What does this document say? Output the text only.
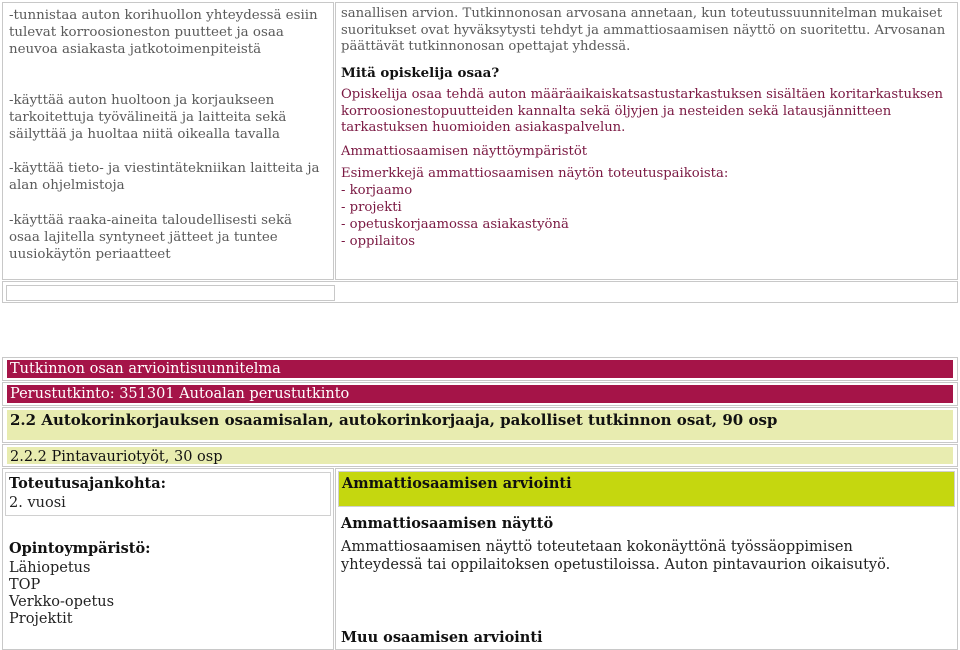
-tunnistaa auton korihuollon yhteydessä esiin tulevat korroosioneston puutteet ja osaa neuvoa asiakasta jatkotoimenpiteistä

-käyttää auton huoltoon ja korjaukseen tarkoitettuja työvälineitä ja laitteita sekä säilyttää ja huoltaa niitä oikealla tavalla

-käyttää tieto- ja viestintätekniikan laitteita ja alan ohjelmistoja

-käyttää raaka-aineita taloudellisesti sekä osaa lajitella syntyneet jätteet ja tuntee uusiokäytön periaatteet

sanallisen arvion. Tutkinnonosan arvosana annetaan, kun toteutussuunnitelman mukaiset suoritukset ovat hyväksytysti tehdyt ja ammattiosaamisen näyttö on suoritettu. Arvosanan päättävät tutkinnonosan opettajat yhdessä.

Mitä opiskelija osaa?

Opiskelija osaa tehdä auton määräaikaiskatsastustarkastuksen sisältäen koritarkastuksen korroosionestopuutteiden kannalta sekä öljyjen ja nesteiden sekä latausjännitteen tarkastuksen huomioiden asiakaspalvelun.

Ammattiosaamisen näyttöympäristöt

Esimerkkejä ammattiosaamisen näytön toteutuspaikoista:

- korjaamo

- projekti

- opetuskorjaamossa asiakastyönä

- oppilaitos

Tutkinnon osan arviointisuunnitelma
Perustutkinto: 351301 Autoalan perustutkinto
2.2 Autokorinkorjauksen osaamisalan, autokorinkorjaaja, pakolliset tutkinnon osat, 90 osp
2.2.2 Pintavauriotyöt, 30 osp
Toteutusajankohta:
2. vuosi
Opintoympäristö:
Lähiopetus
TOP
Verkko-opetus
Projektit
Ammattiosaamisen arviointi
Ammattiosaamisen näyttö

Ammattiosaamisen näyttö toteutetaan kokonäyttönä työssäoppimisen yhteydessä tai oppilaitoksen opetustiloissa. Auton pintavaurion oikaisutyö.

Muu osaamisen arviointi
